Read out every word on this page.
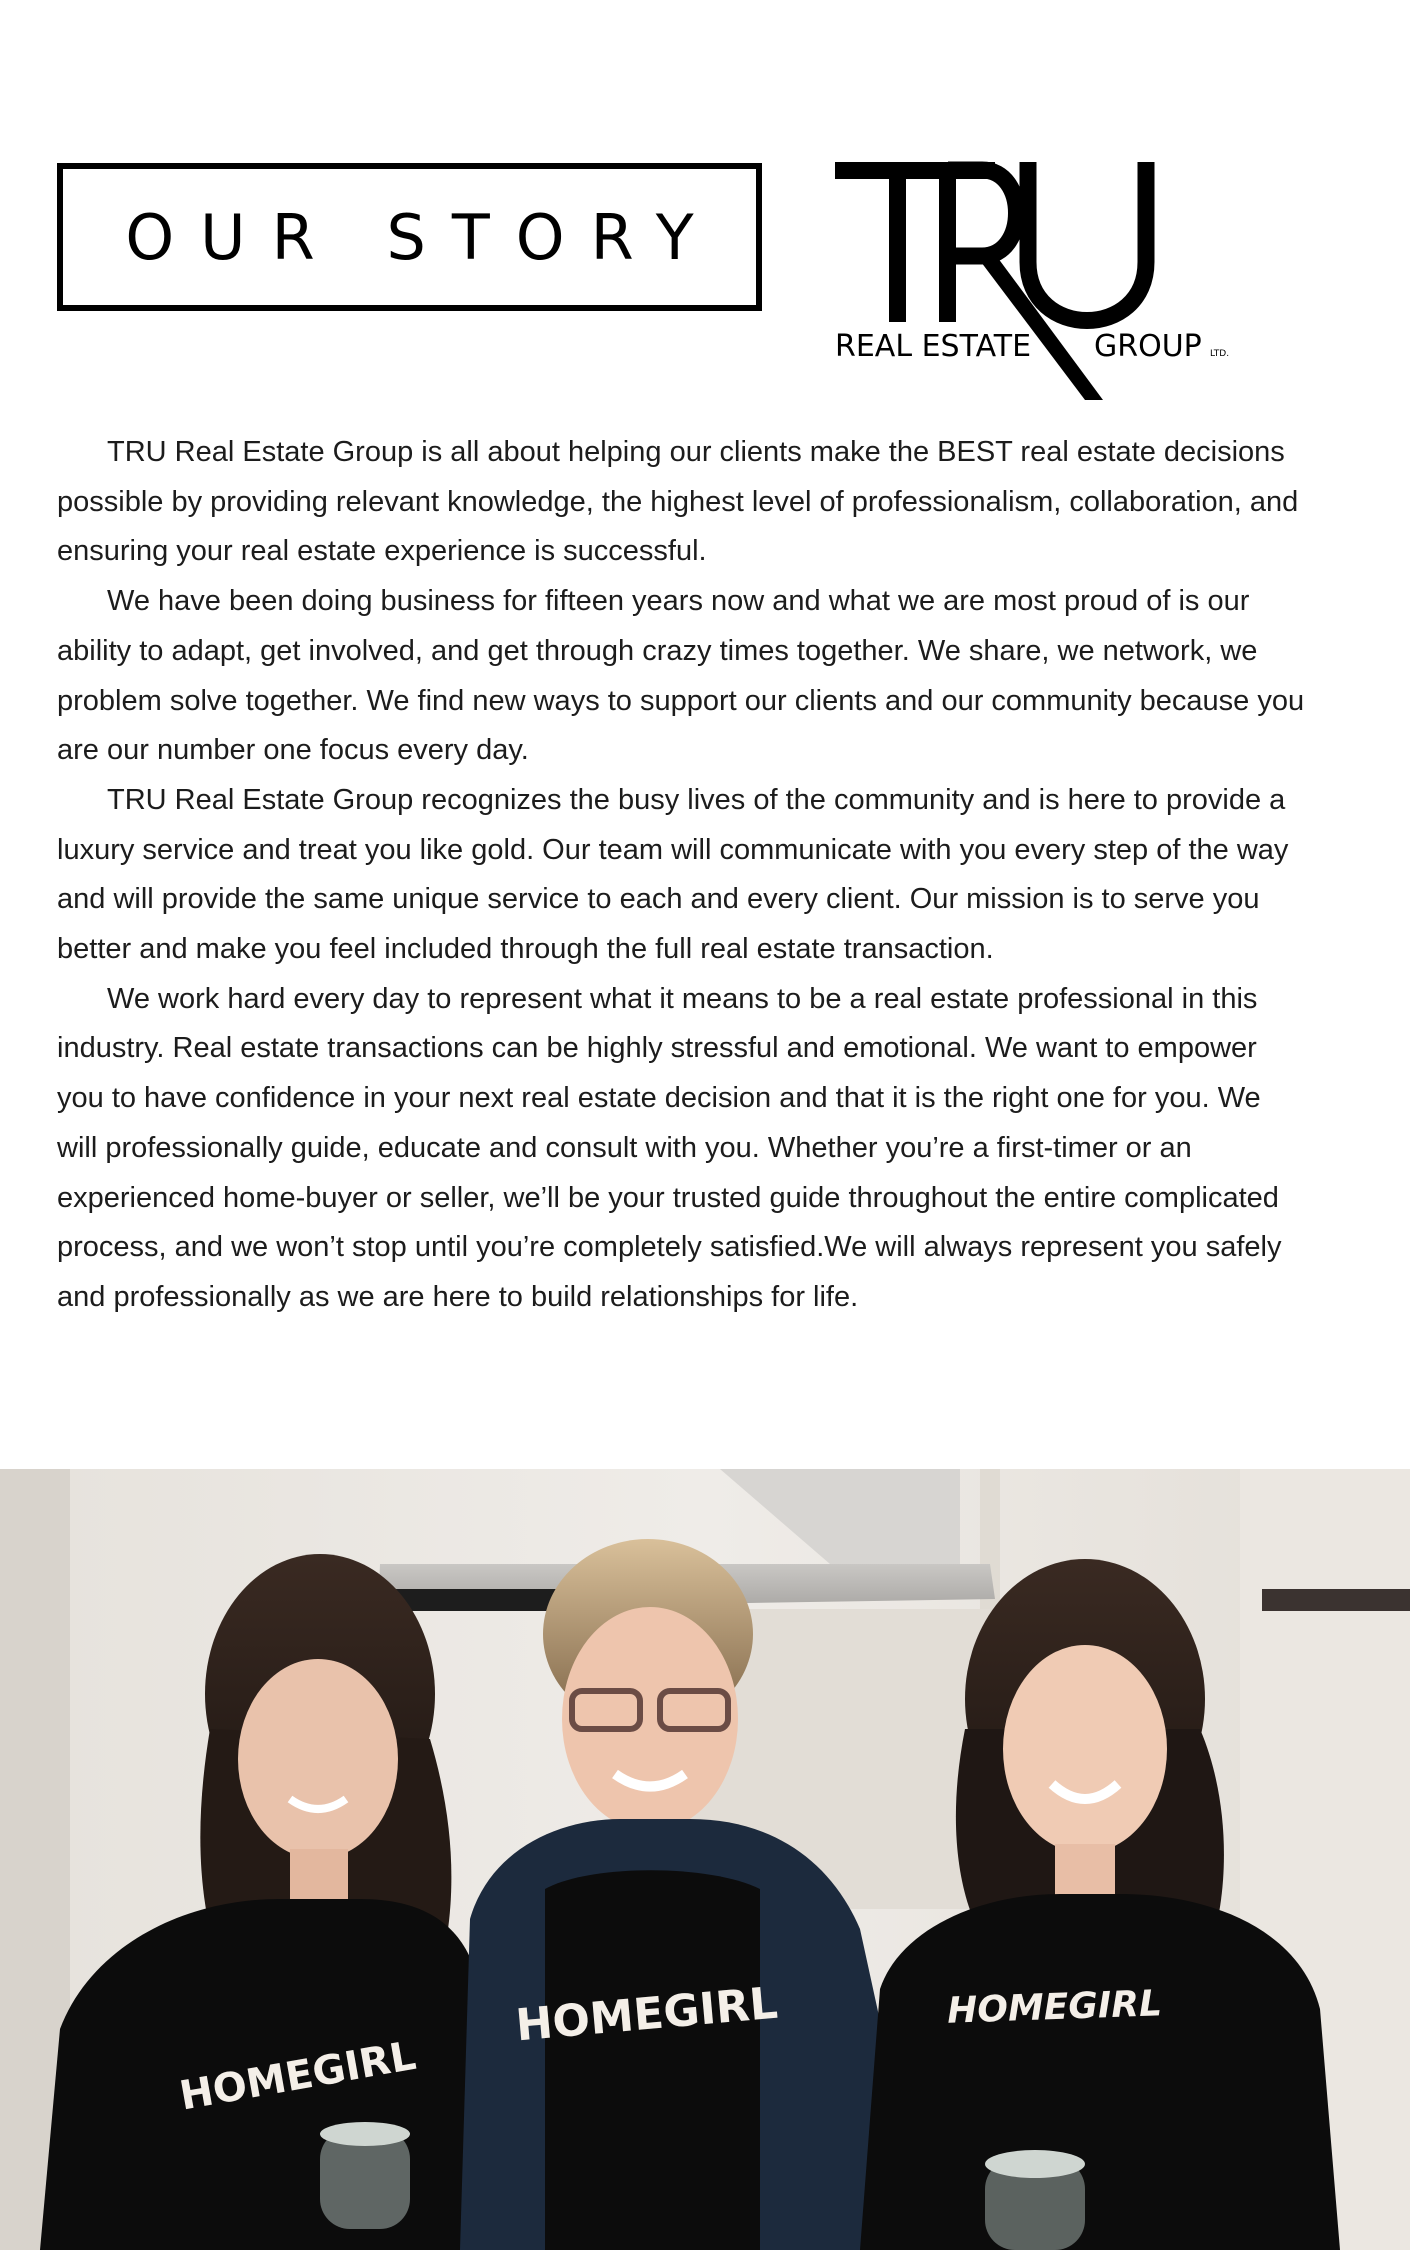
OUR STORY
REAL ESTATE GROUP LTD.

TRU Real Estate Group is all about helping our clients make the BEST real estate decisions possible by providing relevant knowledge, the highest level of professionalism, collaboration, and ensuring your real estate experience is successful.

We have been doing business for fifteen years now and what we are most proud of is our ability to adapt, get involved, and get through crazy times together. We share, we network, we problem solve together. We find new ways to support our clients and our community because you are our number one focus every day.

TRU Real Estate Group recognizes the busy lives of the community and is here to provide a luxury service and treat you like gold. Our team will communicate with you every step of the way and will provide the same unique service to each and every client. Our mission is to serve you better and make you feel included through the full real estate transaction.

We work hard every day to represent what it means to be a real estate professional in this industry. Real estate transactions can be highly stressful and emotional. We want to empower you to have confidence in your next real estate decision and that it is the right one for you. We will professionally guide, educate and consult with you. Whether you’re a first-timer or an experienced home-buyer or seller, we’ll be your trusted guide throughout the entire complicated process, and we won’t stop until you’re completely satisfied.We will always represent you safely and professionally as we are here to build relationships for life.

HOMEGIRL
HOMEGIRL	HOMEGIRL
